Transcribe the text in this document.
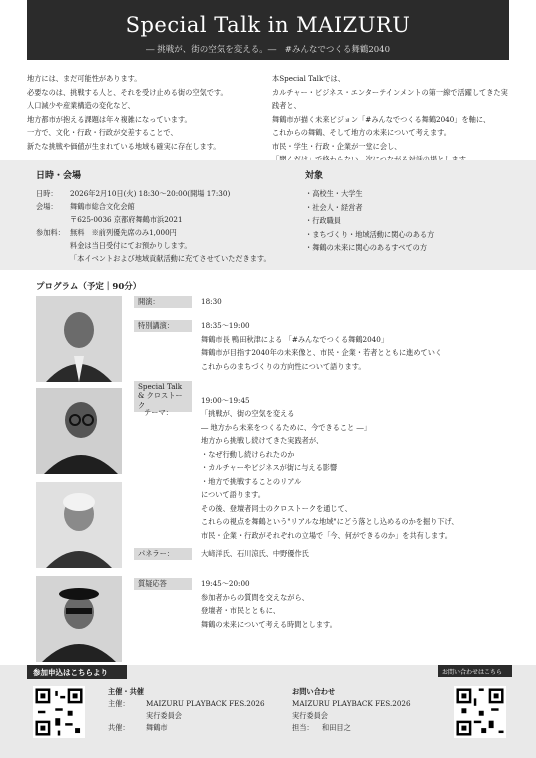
Special Talk in MAIZURU
― 挑戦が、街の空気を変える。―　#みんなでつくる舞鶴2040
地方には、まだ可能性があります。
必要なのは、挑戦する人と、それを受け止める街の空気です。
人口減少や産業構造の変化など、
地方都市が抱える課題は年々複雑になっています。
一方で、文化・行政・行政が交差することで、
新たな挑戦や価値が生まれている地域も確実に存在します。
本Special Talkでは、
カルチャー・ビジネス・エンターテインメントの第一線で活躍してきた実践者と、
舞鶴市が描く未来ビジョン「#みんなでつくる舞鶴2040」を軸に、
これからの舞鶴、そして地方の未来について考えます。
市民・学生・行政・企業が一堂に会し、
日時・会場
日時：	2026年2月10日(火) 18:30〜20:00(開場 17:30)
会場：	舞鶴市総合文化会館
〒625-0036 京都府舞鶴市浜2021
参加料： 無料　※前列優先席のみ1,000円
料金は当日受付にてお預かりします。
「本イベントおよび地域貢献活動に充てさせていただきます。
対象
・高校生・大学生
・社会人・経営者
・行政職員
・まちづくり・地域活動に関心のある方
・舞鶴の未来に関心のあるすべての方
プログラム（予定｜90分）
開演：	18:30
特別講演：	18:35〜19:00
舞鶴市長 鴨田秋津による 「#みんなでつくる舞鶴2040」
舞鶴市が目指す2040年の未来像と、市民・企業・若者とともに進めていく
これからのまちづくりの方向性について語ります。
Special Talk
& クロストーク
19:00〜19:45
テーマ：	「挑戦が、街の空気を変える
― 地方から未来をつくるために、今できること ―」
地方から挑戦し続けてきた実践者が、
・なぜ行動し続けられたのか
・カルチャーやビジネスが街に与える影響
・地方で挑戦することのリアル
について語ります。
その後、登壇者同士のクロストークを通じて、
これらの視点を舞鶴という"リアルな地域"にどう落とし込めるのかを掘り下げ、
市民・企業・行政がそれぞれの立場で「今、何ができるのか」を共有します。
パネラー：	大﨑洋氏、石川涼氏、中野優作氏
質疑応答	19:45〜20:00
参加者からの質問を交えながら、
登壇者・市民とともに、
舞鶴の未来について考える時間とします。
参加申込はこちらより	お問い合わせはこちら
主催・共催
主催：	MAIZURU PLAYBACK FES.2026
実行委員会
共催：	舞鶴市
お問い合わせ
MAIZURU PLAYBACK FES.2026
実行委員会
担当：	和田目之
